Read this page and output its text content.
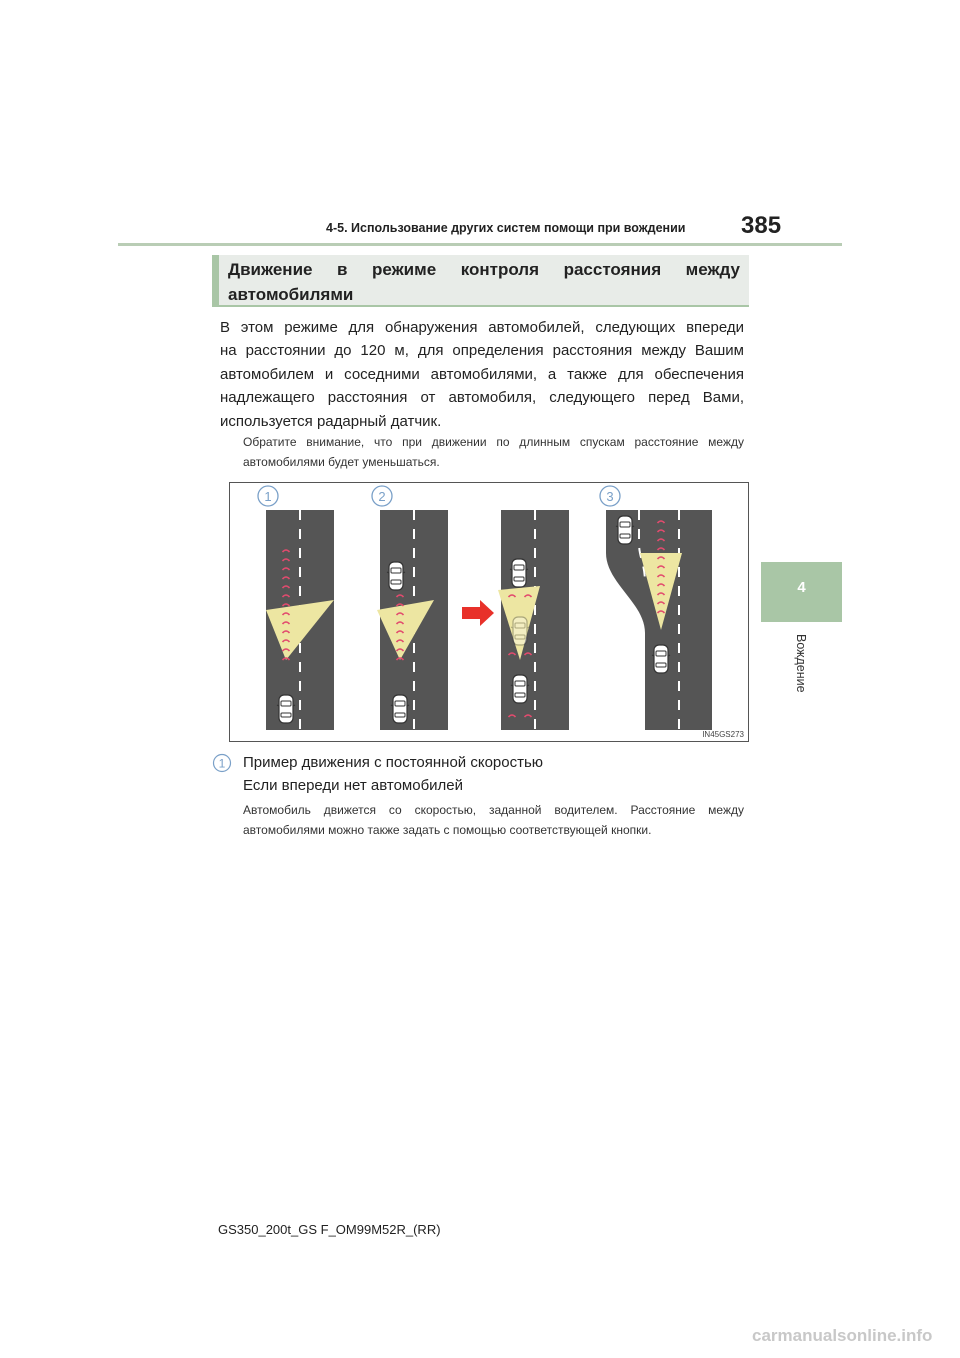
4-5. Использование других систем помощи при вождении 385
4
Вождение
Движение в режиме контроля расстояния между
автомобилями
В этом режиме для обнаружения автомобилей, следующих впереди
на расстоянии до 120 м, для определения расстояния между Вашим
автомобилем и соседними автомобилями, а также для обеспечения
надлежащего расстояния от автомобиля, следующего перед Вами,
используется радарный датчик.
Обратите внимание, что при движении по длинным спускам расстояние между
автомобилями будет уменьшаться.
1	2	3
IN45GS273
1 Пример движения с постоянной скоростью
Если впереди нет автомобилей
Автомобиль движется со скоростью, заданной водителем. Расстояние между
автомобилями можно также задать с помощью соответствующей кнопки.
GS350_200t_GS F_OM99M52R_(RR)
carmanualsonline.info
